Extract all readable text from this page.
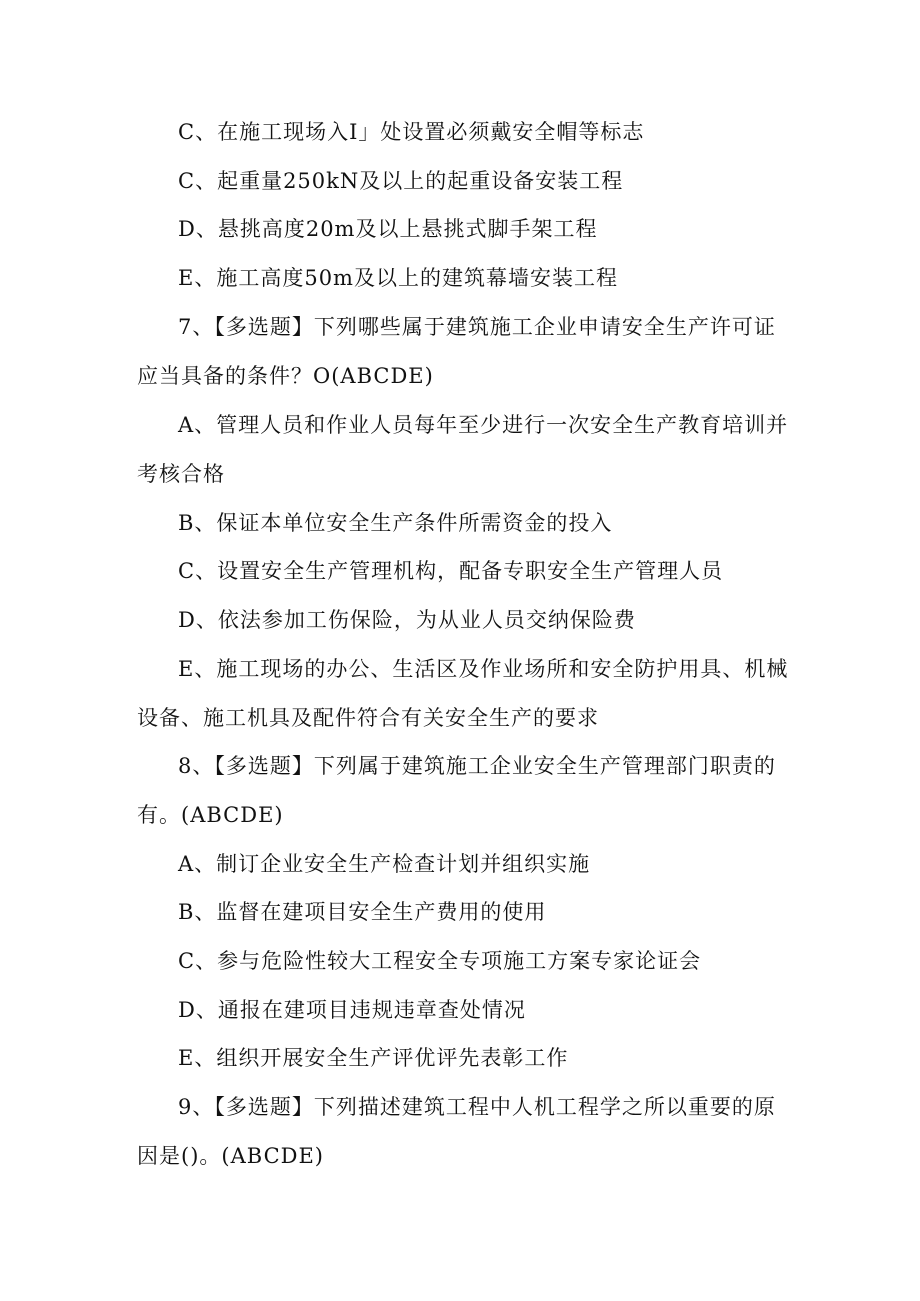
C、在施工现场入I」处设置必须戴安全帽等标志
C、起重量250kN及以上的起重设备安装工程
D、悬挑高度20m及以上悬挑式脚手架工程
E、施工高度50m及以上的建筑幕墙安装工程
7、【多选题】下列哪些属于建筑施工企业申请安全生产许可证
应当具备的条件？O(ABCDE)
A、管理人员和作业人员每年至少进行一次安全生产教育培训并
考核合格
B、保证本单位安全生产条件所需资金的投入
C、设置安全生产管理机构，配备专职安全生产管理人员
D、依法参加工伤保险，为从业人员交纳保险费
E、施工现场的办公、生活区及作业场所和安全防护用具、机械
设备、施工机具及配件符合有关安全生产的要求
8、【多选题】下列属于建筑施工企业安全生产管理部门职责的
有。(ABCDE)
A、制订企业安全生产检查计划并组织实施
B、监督在建项目安全生产费用的使用
C、参与危险性较大工程安全专项施工方案专家论证会
D、通报在建项目违规违章查处情况
E、组织开展安全生产评优评先表彰工作
9、【多选题】下列描述建筑工程中人机工程学之所以重要的原
因是()。(ABCDE)
